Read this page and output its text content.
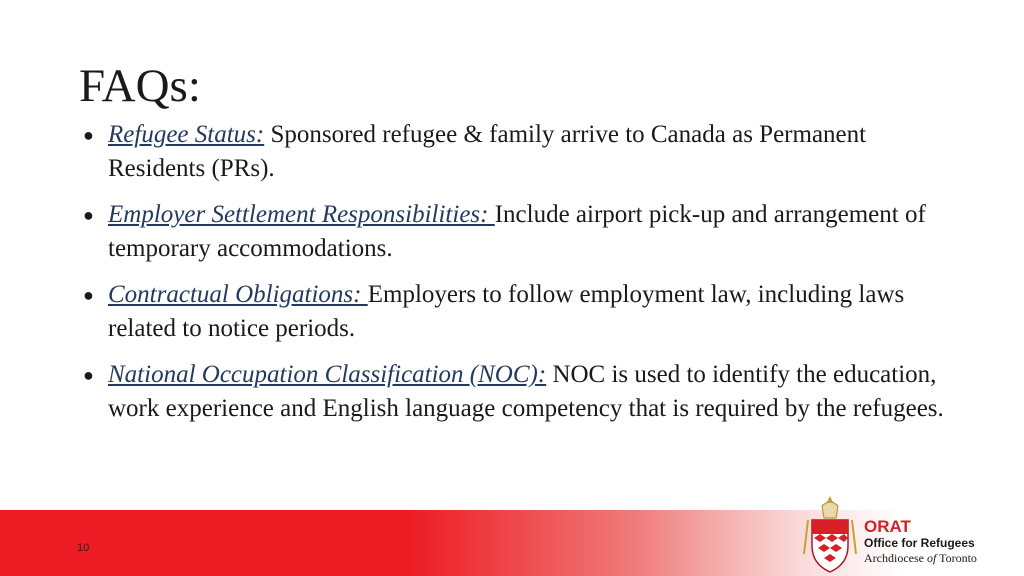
FAQs:
● Refugee Status: Sponsored refugee & family arrive to Canada as Permanent Residents (PRs).
● Employer Settlement Responsibilities: Include airport pick-up and arrangement of temporary accommodations.
● Contractual Obligations: Employers to follow employment law, including laws related to notice periods.
● National Occupation Classification (NOC): NOC is used to identify the education, work experience and English language competency that is required by the refugees.
10
ORAT
Office for Refugees
Archdiocese of Toronto
